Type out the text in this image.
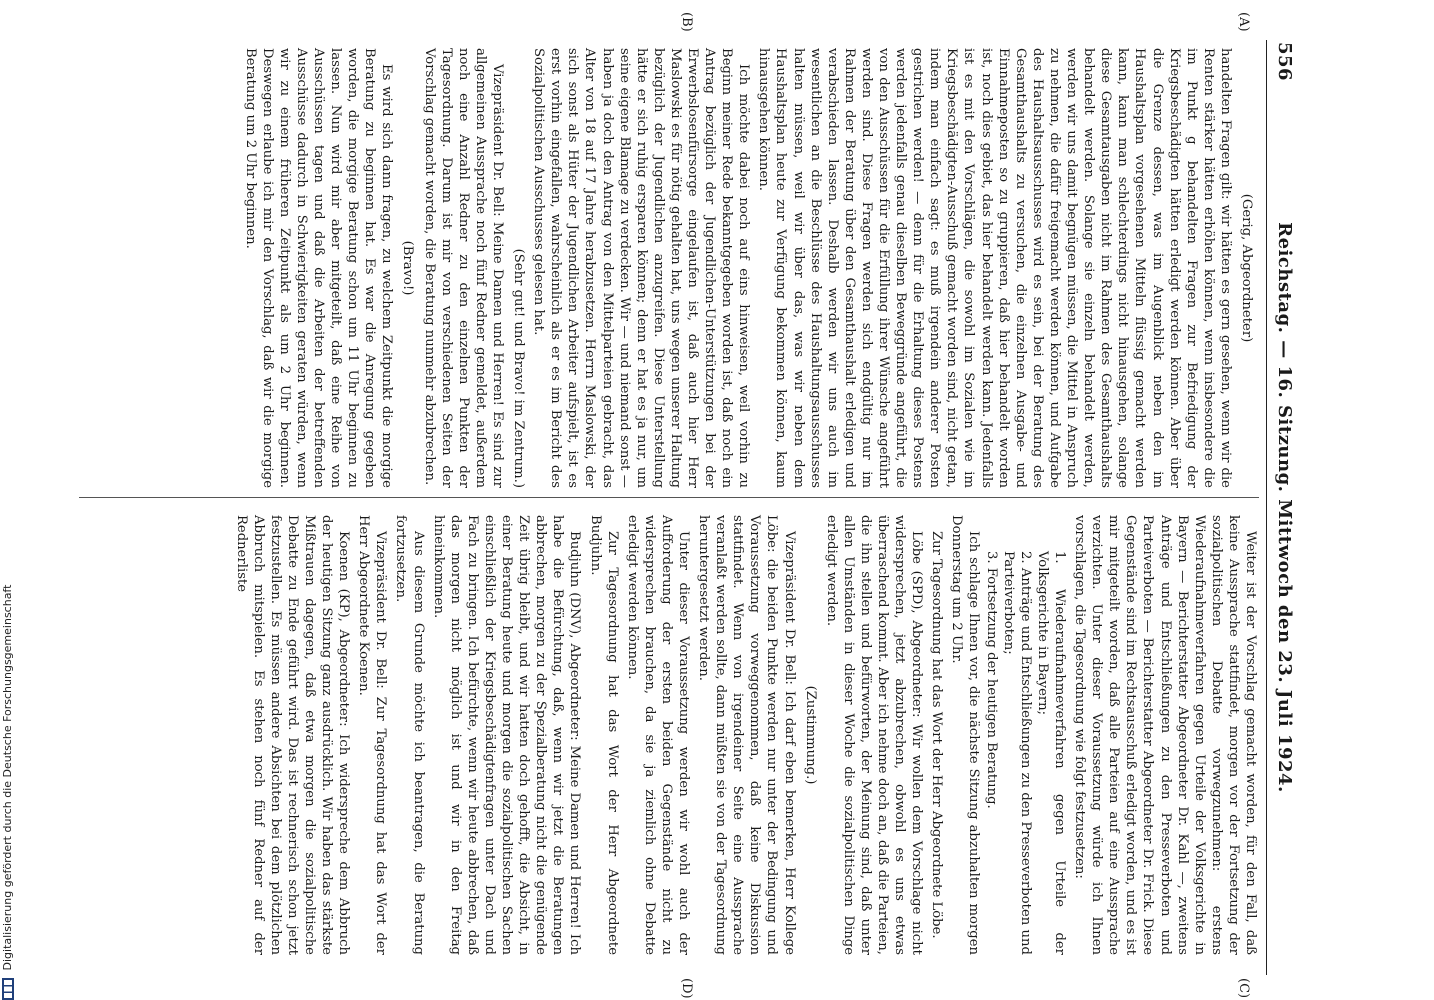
556
Reichstag. — 16. Sitzung. Mittwoch den 23. Juli 1924.
(A)
(B)
(C)
(D)

(Gerig, Abgeordneter)

handelten Fragen gilt: wir hätten es gern gesehen, wenn wir die Renten stärker hätten erhöhen können, wenn insbesondere die im Punkt g behandelten Fragen zur Befriedigung der Kriegsbeschädigten hätten erledigt werden können. Aber über die Grenze dessen, was im Augenblick neben den im Haushaltsplan vorgesehenen Mitteln flüssig gemacht werden kann, kann man schlechterdings nicht hinausgehen, solange diese Gesamtausgaben nicht im Rahmen des Gesamthaushalts behandelt werden. Solange sie einzeln behandelt werden, werden wir uns damit begnügen müssen, die Mittel in Anspruch zu nehmen, die dafür freigemacht werden können, und Aufgabe des Haushaltsausschusses wird es sein, bei der Beratung des Gesamthaushalts zu versuchen, die einzelnen Ausgabe- und Einnahmeposten so zu gruppieren, daß hier behandelt worden ist, noch dies gebiet, das hier behandelt werden kann. Jedenfalls ist es mit den Vorschlägen, die sowohl im Sozialen wie im Kriegsbeschädigten-Ausschuß gemacht worden sind, nicht getan, indem man einfach sagt: es muß irgendein anderer Posten gestrichen werden! — denn für die Erhaltung dieses Postens werden jedenfalls genau dieselben Beweggründe angeführt, die von den Ausschüssen für die Erfüllung ihrer Wünsche angeführt werden sind. Diese Fragen werden sich endgültig nur im Rahmen der Beratung über den Gesamthaushalt erledigen und verabschieden lassen. Deshalb werden wir uns auch im wesentlichen an die Beschlüsse des Haushaltungsausschusses halten müssen, weil wir über das, was wir neben dem Haushaltsplan heute zur Verfügung bekommen können, kaum hinausgehen können.

Ich möchte dabei noch auf eins hinweisen, weil vorhin zu Beginn meiner Rede bekanntgegeben worden ist, daß noch ein Antrag bezüglich der Jugendlichen-Unterstützungen bei der Erwerbslosenfürsorge eingelaufen ist, daß auch hier Herr Maslowski es für nötig gehalten hat, uns wegen unserer Haltung bezüglich der Jugendlichen anzugreifen. Diese Unterstellung hätte er sich ruhig ersparen können; denn er hat es ja nur, um seine eigene Blamage zu verdecken. Wir — und niemand sonst — haben ja doch den Antrag von den Mittelparteien gebracht, das Alter von 18 auf 17 Jahre herabzusetzen. Herrn Maslowski, der sich sonst als Hüter der Jugendlichen Arbeiter aufspielt, ist es erst vorhin eingefallen, wahrscheinlich als er es im Bericht des Sozialpolitischen Ausschusses gelesen hat.

(Sehr gut! und Bravo! im Zentrum.)

Vizepräsident Dr. Bell: Meine Damen und Herren! Es sind zur allgemeinen Aussprache noch fünf Redner gemeldet, außerdem noch eine Anzahl Redner zu den einzelnen Punkten der Tagesordnung. Darum ist mir von verschiedenen Seiten der Vorschlag gemacht worden, die Beratung nunmehr abzubrechen.

(Bravo!)

Es wird sich dann fragen, zu welchem Zeitpunkt die morgige Beratung zu beginnen hat. Es war die Anregung gegeben worden, die morgige Beratung schon um 11 Uhr beginnen zu lassen. Nun wird mir aber mitgeteilt, daß eine Reihe von Ausschüssen tagen und daß die Arbeiten der betreffenden Ausschüsse dadurch in Schwierigkeiten geraten würden, wenn wir zu einem früheren Zeitpunkt als um 2 Uhr beginnen. Deswegen erlaube ich mir den Vorschlag, daß wir die morgige Beratung um 2 Uhr beginnen.

Weiter ist der Vorschlag gemacht worden, für den Fall, daß keine Aussprache stattfindet, morgen vor der Fortsetzung der sozialpolitischen Debatte vorwegzunehmen: erstens Wiederaufnahmeverfahren gegen Urteile der Volksgerichte in Bayern — Berichterstatter Abgeordneter Dr. Kahl —, zweitens Anträge und Entschließungen zu den Presseverboten und Parteiverboten — Berichterstatter Abgeordneter Dr. Frick. Diese Gegenstände sind im Rechtsausschuß erledigt worden, und es ist mir mitgeteilt worden, daß alle Parteien auf eine Aussprache verzichten. Unter dieser Voraussetzung würde ich Ihnen vorschlagen, die Tagesordnung wie folgt festzusetzen:

1. Wiederaufnahmeverfahren gegen Urteile der Volksgerichte in Bayern;

2. Anträge und Entschließungen zu den Presseverboten und Parteiverboten;

3. Fortsetzung der heutigen Beratung.

Ich schlage Ihnen vor, die nächste Sitzung abzuhalten morgen Donnerstag um 2 Uhr.

Zur Tagesordnung hat das Wort der Herr Abgeordnete Löbe.

Löbe (SPD), Abgeordneter: Wir wollen dem Vorschlage nicht widersprechen, jetzt abzubrechen, obwohl es uns etwas überraschend kommt. Aber ich nehme doch an, daß die Parteien, die ihn stellen und befürworten, der Meinung sind, daß unter allen Umständen in dieser Woche die sozialpolitischen Dinge erledigt werden.

(Zustimmung.)

Vizepräsident Dr. Bell: Ich darf eben bemerken, Herr Kollege Löbe: die beiden Punkte werden nur unter der Bedingung und Voraussetzung vorweggenommen, daß keine Diskussion stattfindet. Wenn von irgendeiner Seite eine Aussprache veranlaßt werden sollte, dann müßten sie von der Tagesordnung heruntergesetzt werden.

Unter dieser Voraussetzung werden wir wohl auch der Aufforderung der ersten beiden Gegenstände nicht zu widersprechen brauchen, da sie ja ziemlich ohne Debatte erledigt werden können.

Zur Tagesordnung hat das Wort der Herr Abgeordnete Budjuhn.

Budjuhn (DNV), Abgeordneter: Meine Damen und Herren! Ich habe die Befürchtung, daß, wenn wir jetzt die Beratungen abbrechen, morgen zu der Spezialberatung nicht die genügende Zeit übrig bleibt, und wir hatten doch gehofft, die Absicht, in einer Beratung heute und morgen die sozialpolitischen Sachen einschließlich der Kriegsbeschädigtenfragen unter Dach und Fach zu bringen. Ich befürchte, wenn wir heute abbrechen, daß das morgen nicht möglich ist und wir in den Freitag hineinkommen.

Aus diesem Grunde möchte ich beantragen, die Beratung fortzusetzen.

Vizepräsident Dr. Bell: Zur Tagesordnung hat das Wort der Herr Abgeordnete Koenen.

Koenen (KP), Abgeordneter: Ich widerspreche dem Abbruch der heutigen Sitzung ganz ausdrücklich. Wir haben das stärkste Mißtrauen dagegen, daß etwa morgen die sozialpolitische Debatte zu Ende geführt wird. Das ist rechnerisch schon jetzt festzustellen. Es müssen andere Absichten bei dem plötzlichen Abbruch mitspielen. Es stehen noch fünf Redner auf der Rednerliste

Digitalisierung gefördert durch die Deutsche Forschungsgemeinschaft
